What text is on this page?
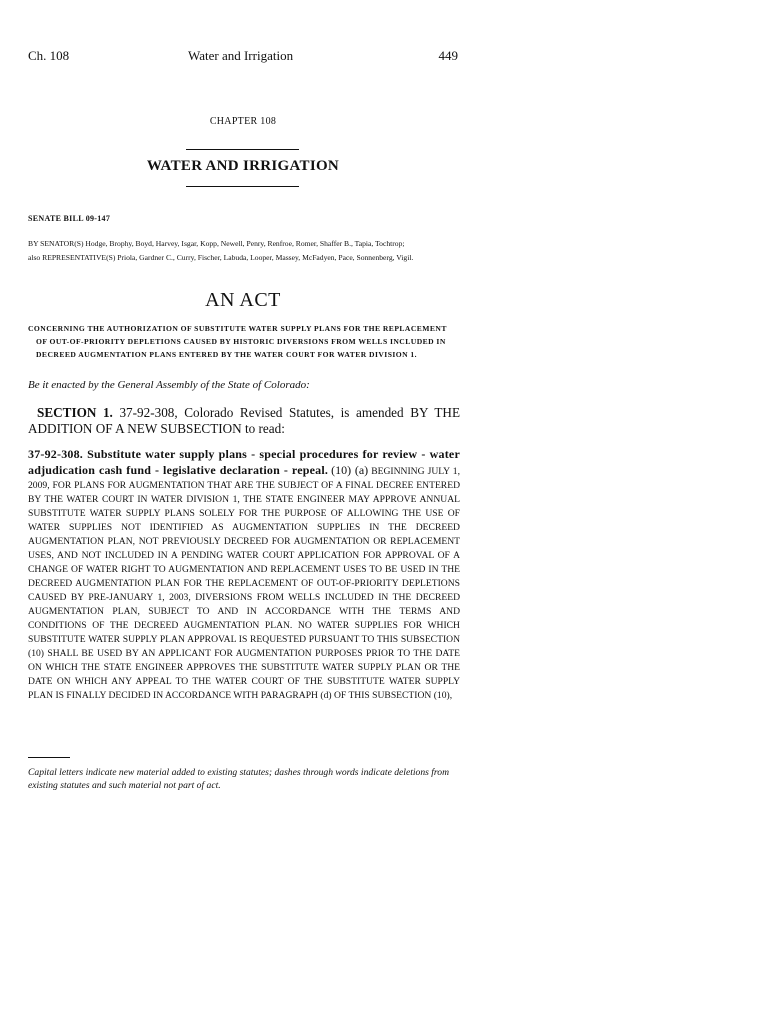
Ch. 108	Water and Irrigation	449
CHAPTER 108
WATER AND IRRIGATION
SENATE BILL 09-147
BY SENATOR(S) Hodge, Brophy, Boyd, Harvey, Isgar, Kopp, Newell, Penry, Renfroe, Romer, Shaffer B., Tapia, Tochtrop;
also REPRESENTATIVE(S) Priola, Gardner C., Curry, Fischer, Labuda, Looper, Massey, McFadyen, Pace, Sonnenberg, Vigil.
AN ACT
CONCERNING THE AUTHORIZATION OF SUBSTITUTE WATER SUPPLY PLANS FOR THE REPLACEMENT
OF OUT-OF-PRIORITY DEPLETIONS CAUSED BY HISTORIC DIVERSIONS FROM WELLS INCLUDED IN
DECREED AUGMENTATION PLANS ENTERED BY THE WATER COURT FOR WATER DIVISION 1.
Be it enacted by the General Assembly of the State of Colorado:
SECTION 1. 37-92-308, Colorado Revised Statutes, is amended BY THE ADDITION OF A NEW SUBSECTION to read:
37-92-308. Substitute water supply plans - special procedures for review - water adjudication cash fund - legislative declaration - repeal. (10) (a) BEGINNING JULY 1, 2009, FOR PLANS FOR AUGMENTATION THAT ARE THE SUBJECT OF A FINAL DECREE ENTERED BY THE WATER COURT IN WATER DIVISION 1, THE STATE ENGINEER MAY APPROVE ANNUAL SUBSTITUTE WATER SUPPLY PLANS SOLELY FOR THE PURPOSE OF ALLOWING THE USE OF WATER SUPPLIES NOT IDENTIFIED AS AUGMENTATION SUPPLIES IN THE DECREED AUGMENTATION PLAN, NOT PREVIOUSLY DECREED FOR AUGMENTATION OR REPLACEMENT USES, AND NOT INCLUDED IN A PENDING WATER COURT APPLICATION FOR APPROVAL OF A CHANGE OF WATER RIGHT TO AUGMENTATION AND REPLACEMENT USES TO BE USED IN THE DECREED AUGMENTATION PLAN FOR THE REPLACEMENT OF OUT-OF-PRIORITY DEPLETIONS CAUSED BY PRE-JANUARY 1, 2003, DIVERSIONS FROM WELLS INCLUDED IN THE DECREED AUGMENTATION PLAN, SUBJECT TO AND IN ACCORDANCE WITH THE TERMS AND CONDITIONS OF THE DECREED AUGMENTATION PLAN. NO WATER SUPPLIES FOR WHICH SUBSTITUTE WATER SUPPLY PLAN APPROVAL IS REQUESTED PURSUANT TO THIS SUBSECTION (10) SHALL BE USED BY AN APPLICANT FOR AUGMENTATION PURPOSES PRIOR TO THE DATE ON WHICH THE STATE ENGINEER APPROVES THE SUBSTITUTE WATER SUPPLY PLAN OR THE DATE ON WHICH ANY APPEAL TO THE WATER COURT OF THE SUBSTITUTE WATER SUPPLY PLAN IS FINALLY DECIDED IN ACCORDANCE WITH PARAGRAPH (d) OF THIS SUBSECTION (10),
Capital letters indicate new material added to existing statutes; dashes through words indicate deletions from existing statutes and such material not part of act.
